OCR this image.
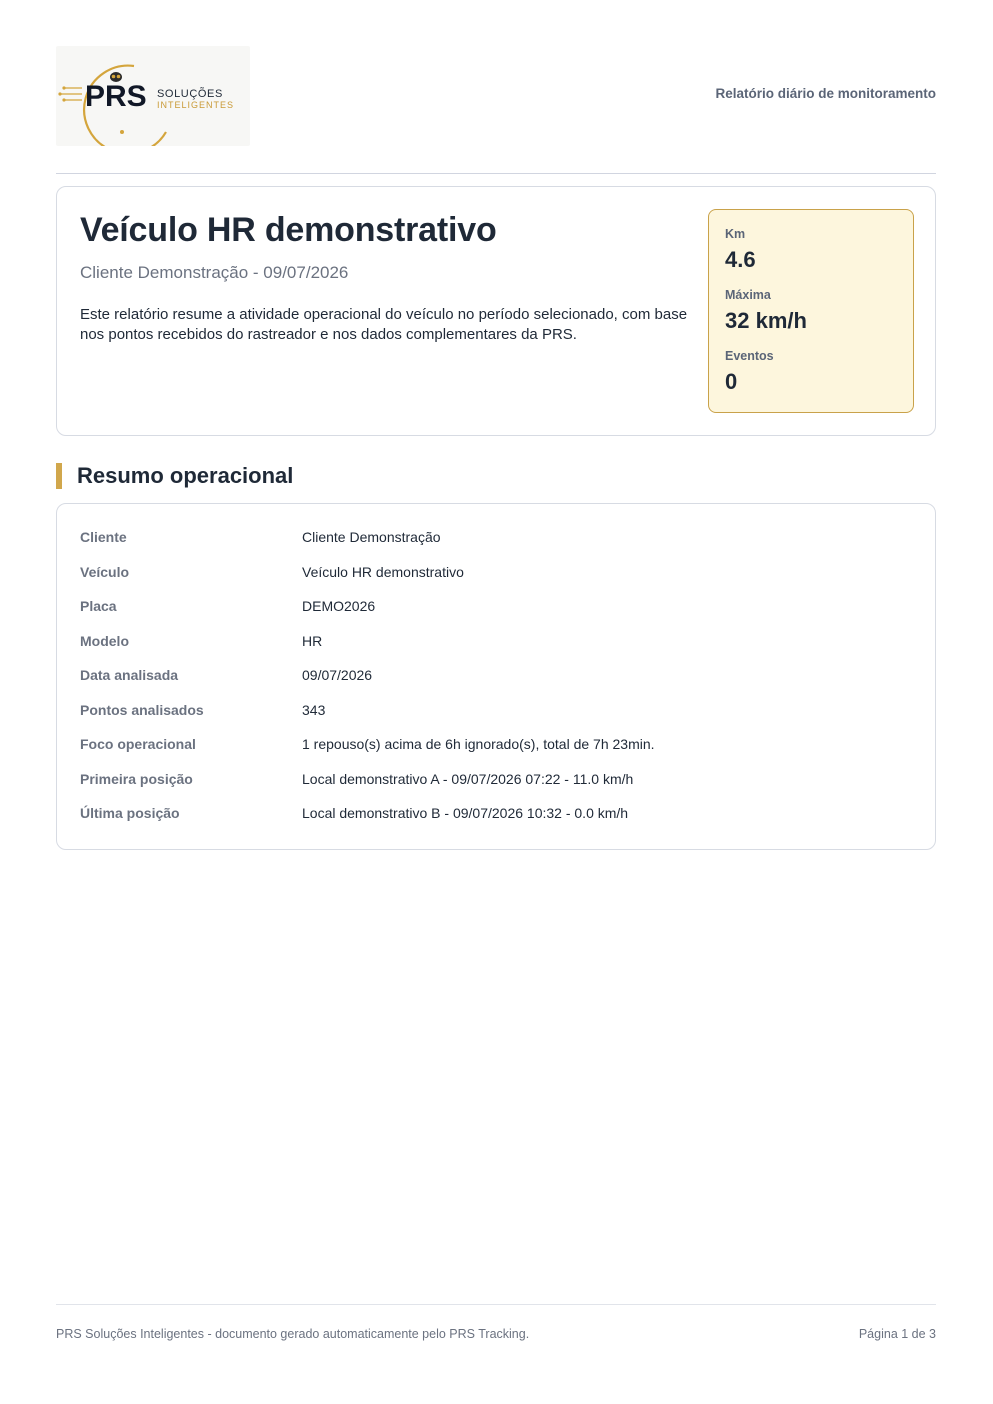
PRS SOLUÇÕES
INTELIGENTES
Relatório diário de monitoramento
Veículo HR demonstrativo
Cliente Demonstração - 09/07/2026
Este relatório resume a atividade operacional do veículo no período selecionado, com base nos pontos recebidos do rastreador e nos dados complementares da PRS.
Km
4.6
Máxima
32 km/h
Eventos
0
Resumo operacional
Cliente	Cliente Demonstração
Veículo	Veículo HR demonstrativo
Placa	DEMO2026
Modelo	HR
Data analisada	09/07/2026
Pontos analisados	343
Foco operacional	1 repouso(s) acima de 6h ignorado(s), total de 7h 23min.
Primeira posição	Local demonstrativo A - 09/07/2026 07:22 - 11.0 km/h
Última posição	Local demonstrativo B - 09/07/2026 10:32 - 0.0 km/h
PRS Soluções Inteligentes - documento gerado automaticamente pelo PRS Tracking.	Página 1 de 3
